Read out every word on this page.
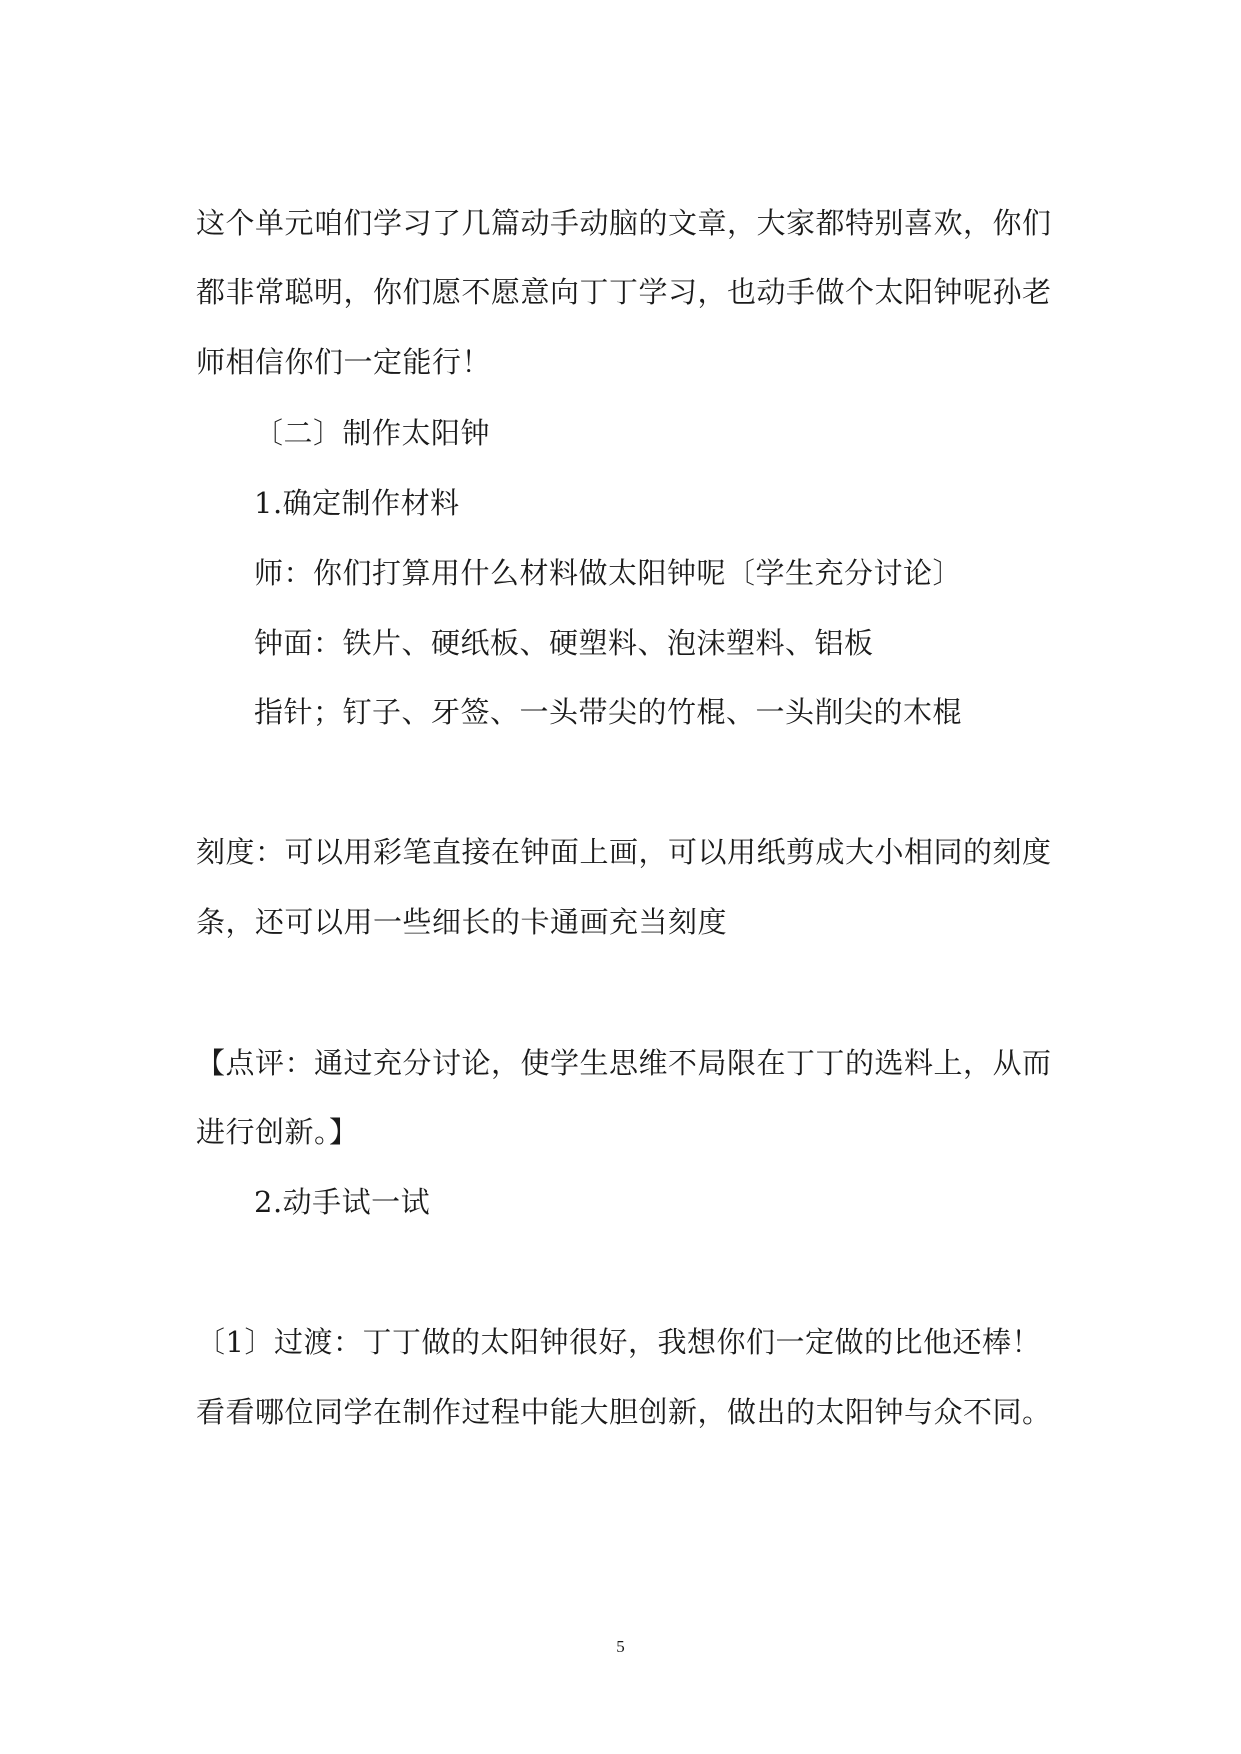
这个单元咱们学习了几篇动手动脑的文章，大家都特别喜欢，你们
都非常聪明，你们愿不愿意向丁丁学习，也动手做个太阳钟呢孙老
师相信你们一定能行！
〔二〕制作太阳钟
1.确定制作材料
师：你们打算用什么材料做太阳钟呢〔学生充分讨论〕
钟面：铁片、硬纸板、硬塑料、泡沫塑料、铝板
指针；钉子、牙签、一头带尖的竹棍、一头削尖的木棍
刻度：可以用彩笔直接在钟面上画，可以用纸剪成大小相同的刻度
条，还可以用一些细长的卡通画充当刻度
【点评：通过充分讨论，使学生思维不局限在丁丁的选料上，从而
进行创新。】
2.动手试一试
〔1〕过渡：丁丁做的太阳钟很好，我想你们一定做的比他还棒！
看看哪位同学在制作过程中能大胆创新，做出的太阳钟与众不同。
5
